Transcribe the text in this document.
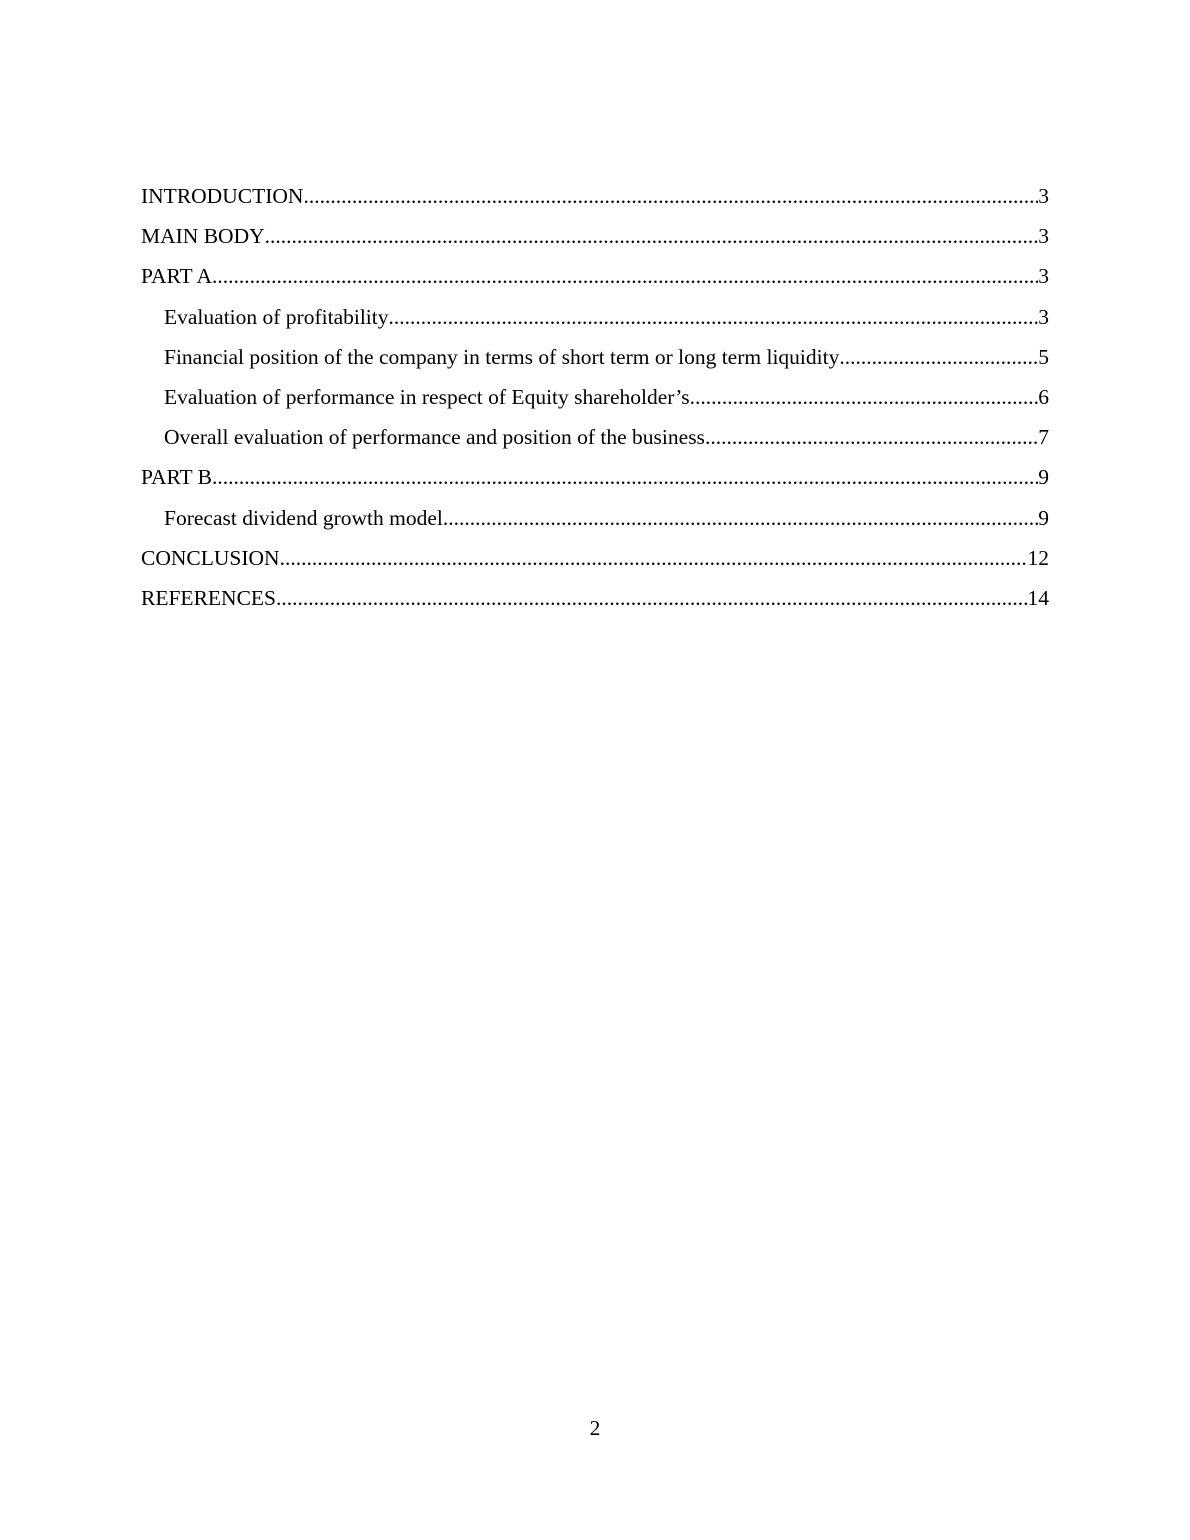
INTRODUCTION .....	3
MAIN BODY .....	3
PART A .....	3
Evaluation of profitability .....	3
Financial position of the company in terms of short term or long term liquidity .....	5
Evaluation of performance in respect of Equity shareholder’s .....	6
Overall evaluation of performance and position of the business .....	7
PART B .....	9
Forecast dividend growth model .....	9
CONCLUSION .....	12
REFERENCES .....	14
2
